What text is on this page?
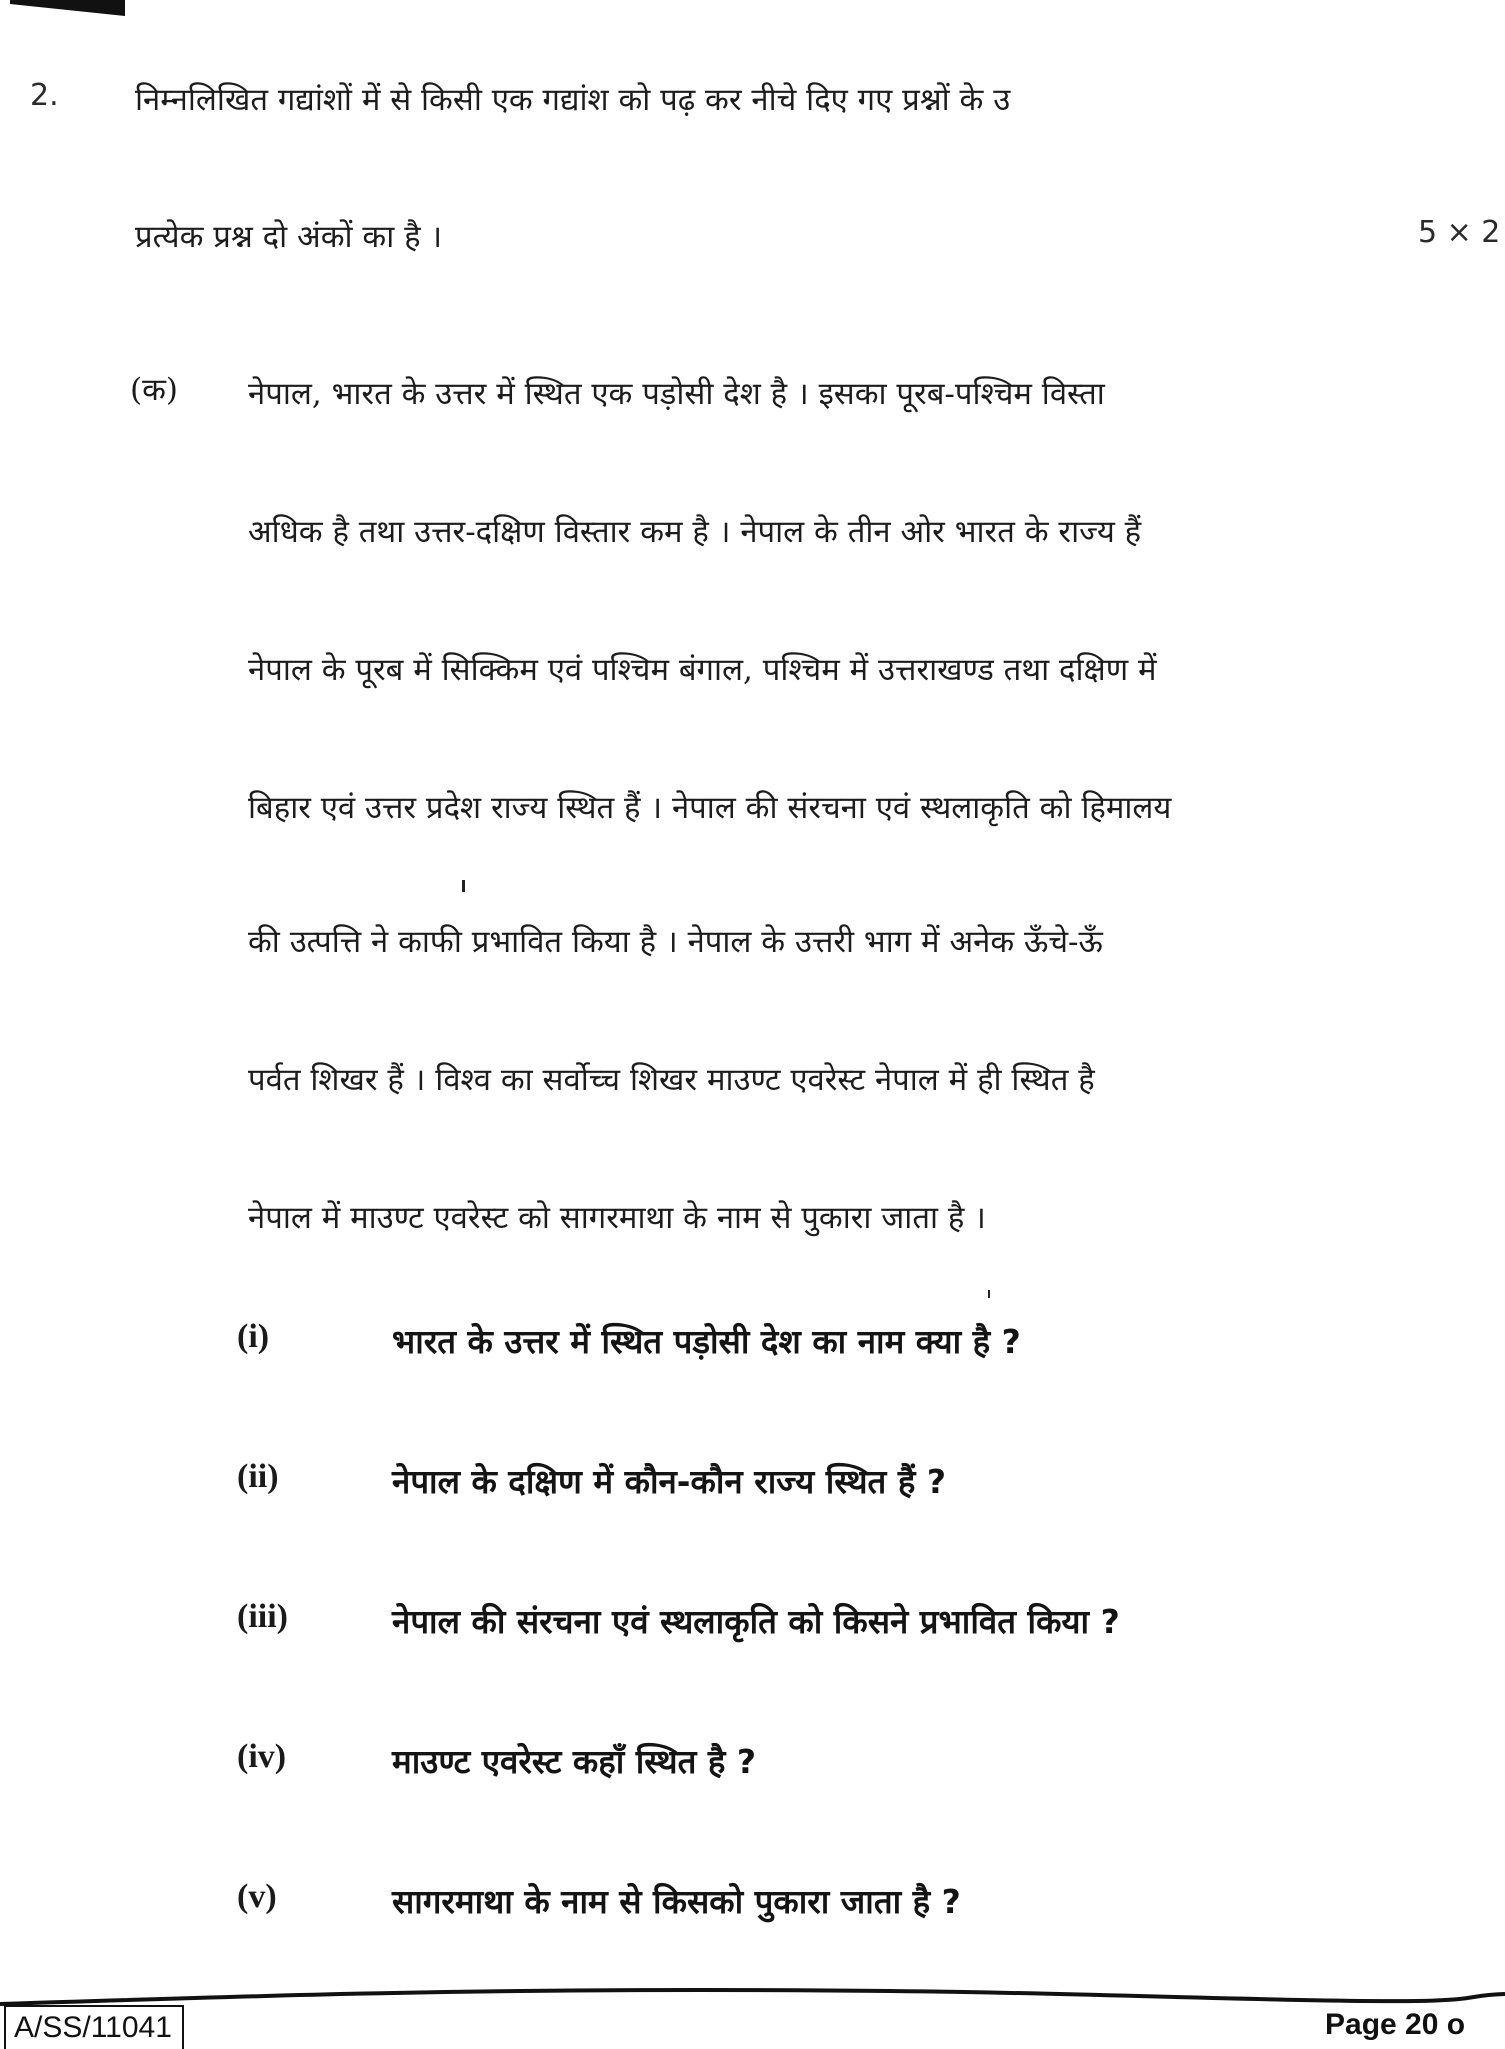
2. निम्नलिखित गद्यांशों में से किसी एक गद्यांश को पढ़ कर नीचे दिए गए प्रश्नों के उ
प्रत्येक प्रश्न दो अंकों का है ।	5 × 2
(क) नेपाल, भारत के उत्तर में स्थित एक पड़ोसी देश है । इसका पूरब-पश्चिम विस्ता
अधिक है तथा उत्तर-दक्षिण विस्तार कम है । नेपाल के तीन ओर भारत के राज्य हैं
नेपाल के पूरब में सिक्किम एवं पश्चिम बंगाल, पश्चिम में उत्तराखण्ड तथा दक्षिण में
बिहार एवं उत्तर प्रदेश राज्य स्थित हैं । नेपाल की संरचना एवं स्थलाकृति को हिमालय
की उत्पत्ति ने काफी प्रभावित किया है । नेपाल के उत्तरी भाग में अनेक ऊँचे-ऊँ
पर्वत शिखर हैं । विश्व का सर्वोच्च शिखर माउण्ट एवरेस्ट नेपाल में ही स्थित है
नेपाल में माउण्ट एवरेस्ट को सागरमाथा के नाम से पुकारा जाता है ।
(i)	भारत के उत्तर में स्थित पड़ोसी देश का नाम क्या है ?
(ii)	नेपाल के दक्षिण में कौन-कौन राज्य स्थित हैं ?
(iii)	नेपाल की संरचना एवं स्थलाकृति को किसने प्रभावित किया ?
(iv)	माउण्ट एवरेस्ट कहाँ स्थित है ?
(v)	सागरमाथा के नाम से किसको पुकारा जाता है ?
A/SS/11041	Page 20 o
